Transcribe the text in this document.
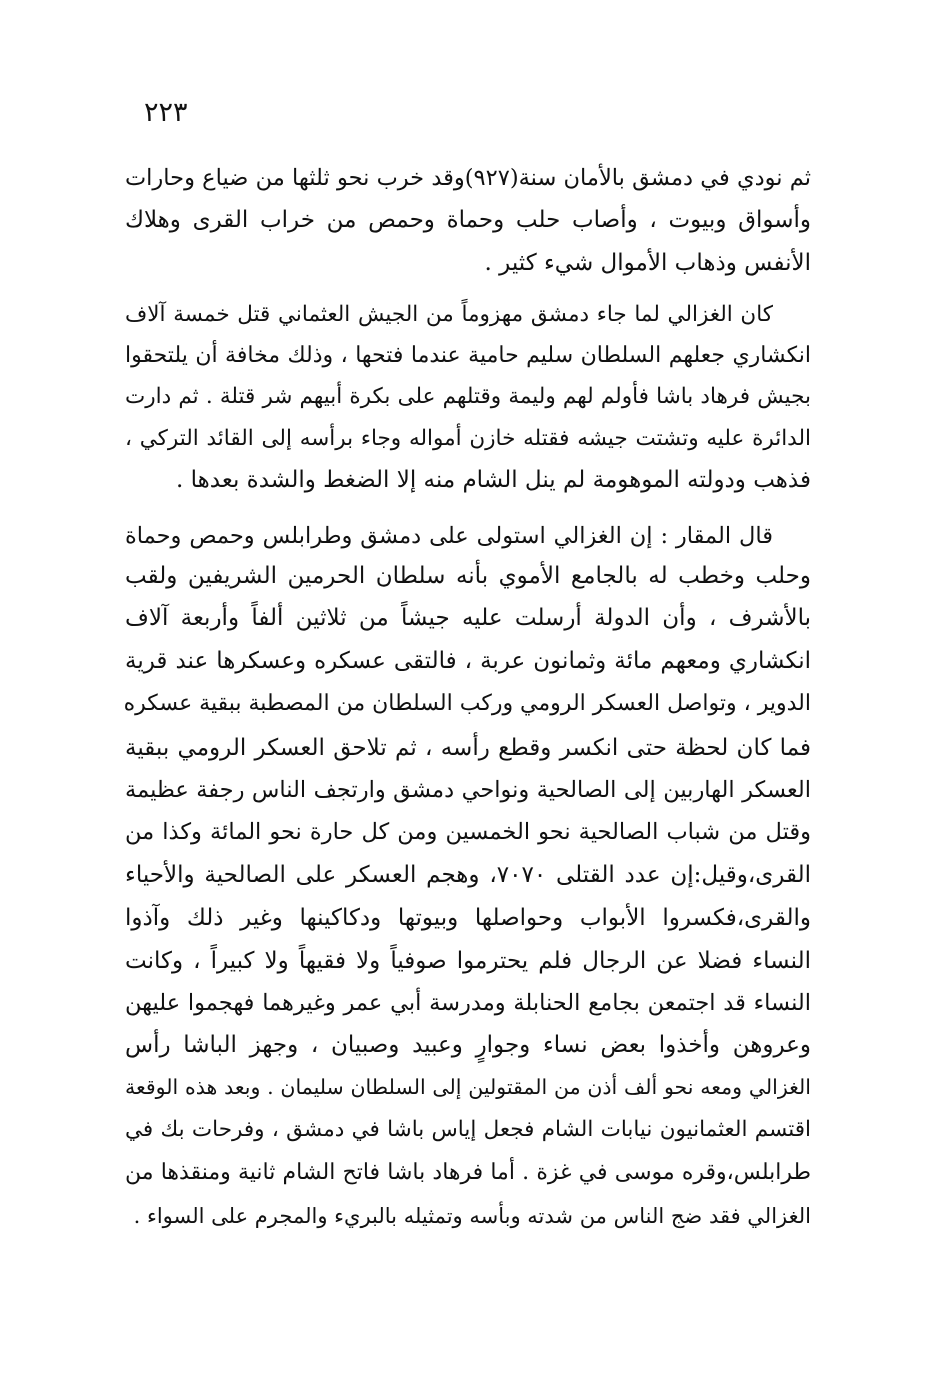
٢٢٣
ثم نودي في دمشق بالأمان سنة(٩٢٧)وقد خرب نحو ثلثها من ضياع وحارات
وأسواق وبيوت ، وأصاب حلب وحماة وحمص من خراب القرى وهلاك
الأنفس وذهاب الأموال شيء كثير .
كان الغزالي لما جاء دمشق مهزوماً من الجيش العثماني قتل خمسة آلاف
انكشاري جعلهم السلطان سليم حامية عندما فتحها ، وذلك مخافة أن يلتحقوا
بجيش فرهاد باشا فأولم لهم وليمة وقتلهم على بكرة أبيهم شر قتلة . ثم دارت
الدائرة عليه وتشتت جيشه فقتله خازن أمواله وجاء برأسه إلى القائد التركي ،
فذهب ودولته الموهومة لم ينل الشام منه إلا الضغط والشدة بعدها .
قال المقار : إن الغزالي استولى على دمشق وطرابلس وحمص وحماة
وحلب وخطب له بالجامع الأموي بأنه سلطان الحرمين الشريفين ولقب
بالأشرف ، وأن الدولة أرسلت عليه جيشاً من ثلاثين ألفاً وأربعة آلاف
انكشاري ومعهم مائة وثمانون عربة ، فالتقى عسكره وعسكرها عند قرية
الدوير ، وتواصل العسكر الرومي وركب السلطان من المصطبة ببقية عسكره
فما كان لحظة حتى انكسر وقطع رأسه ، ثم تلاحق العسكر الرومي ببقية
العسكر الهاربين إلى الصالحية ونواحي دمشق وارتجف الناس رجفة عظيمة
وقتل من شباب الصالحية نحو الخمسين ومن كل حارة نحو المائة وكذا من
القرى،وقيل:إن عدد القتلى ٧٠٧٠، وهجم العسكر على الصالحية والأحياء
والقرى،فكسروا الأبواب وحواصلها وبيوتها ودكاكينها وغير ذلك وآذوا
النساء فضلا عن الرجال فلم يحترموا صوفياً ولا فقيهاً ولا كبيراً ، وكانت
النساء قد اجتمعن بجامع الحنابلة ومدرسة أبي عمر وغيرهما فهجموا عليهن
وعروهن وأخذوا بعض نساء وجوارٍ وعبيد وصبيان ، وجهز الباشا رأس
الغزالي ومعه نحو ألف أذن من المقتولين إلى السلطان سليمان . وبعد هذه الوقعة
اقتسم العثمانيون نيابات الشام فجعل إياس باشا في دمشق ، وفرحات بك في
طرابلس،وقره موسى في غزة . أما فرهاد باشا فاتح الشام ثانية ومنقذها من
الغزالي فقد ضج الناس من شدته وبأسه وتمثيله بالبريء والمجرم على السواء .
